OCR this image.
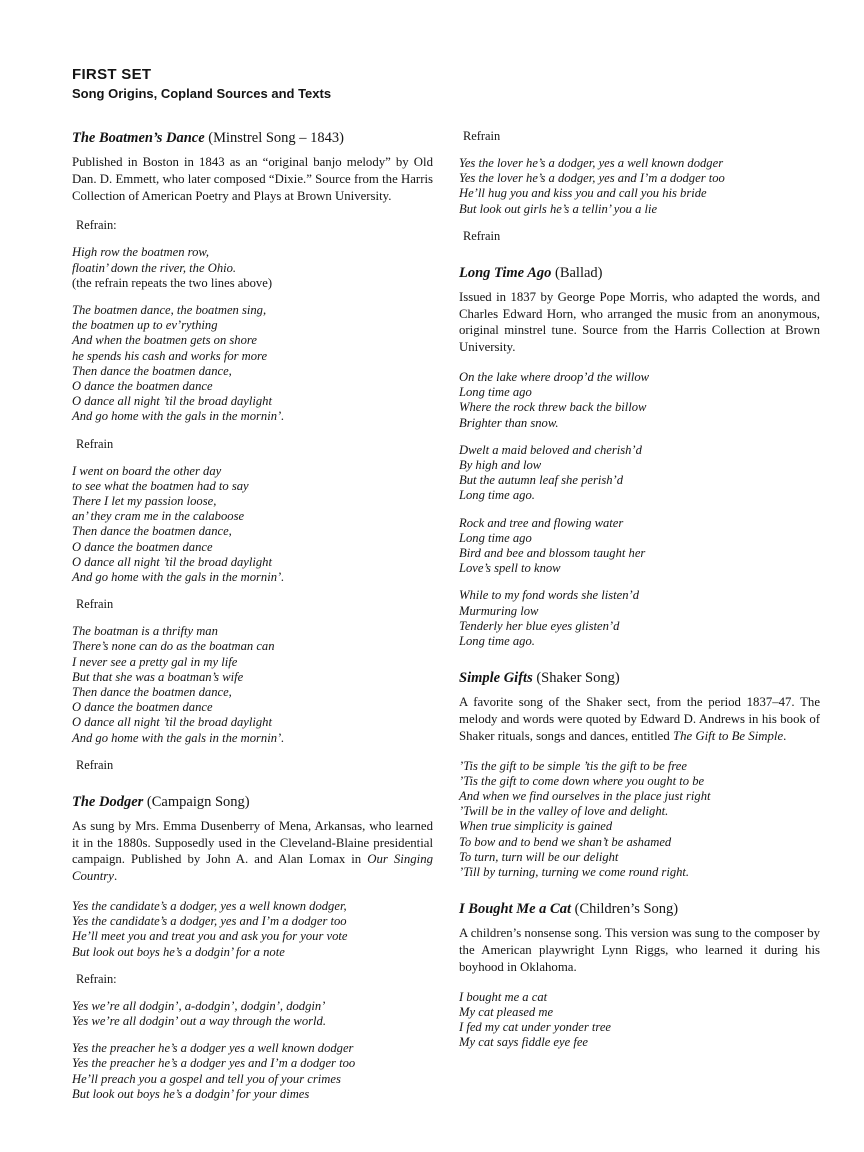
FIRST SET
Song Origins, Copland Sources and Texts
The Boatmen’s Dance (Minstrel Song – 1843)

Published in Boston in 1843 as an “original banjo melody” by Old Dan. D. Emmett, who later composed “Dixie.” Source from the Harris Collection of American Poetry and Plays at Brown University.

Refrain:
High row the boatmen row,
floatin’ down the river, the Ohio.
(the refrain repeats the two lines above)
The boatmen dance, the boatmen sing,
the boatmen up to ev’rything
And when the boatmen gets on shore
he spends his cash and works for more
Then dance the boatmen dance,
O dance the boatmen dance
O dance all night ’til the broad daylight
And go home with the gals in the mornin’.
Refrain
I went on board the other day
to see what the boatmen had to say
There I let my passion loose,
an’ they cram me in the calaboose
Then dance the boatmen dance,
O dance the boatmen dance
O dance all night ’til the broad daylight
And go home with the gals in the mornin’.
Refrain
The boatman is a thrifty man
There’s none can do as the boatman can
I never see a pretty gal in my life
But that she was a boatman’s wife
Then dance the boatmen dance,
O dance the boatmen dance
O dance all night ’til the broad daylight
And go home with the gals in the mornin’.
Refrain
The Dodger (Campaign Song)

As sung by Mrs. Emma Dusenberry of Mena, Arkansas, who learned it in the 1880s. Supposedly used in the Cleveland-Blaine presidential campaign. Published by John A. and Alan Lomax in Our Singing Country.

Yes the candidate’s a dodger, yes a well known dodger,
Yes the candidate’s a dodger, yes and I’m a dodger too
He’ll meet you and treat you and ask you for your vote
But look out boys he’s a dodgin’ for a note
Refrain:
Yes we’re all dodgin’, a-dodgin’, dodgin’, dodgin’
Yes we’re all dodgin’ out a way through the world.
Yes the preacher he’s a dodger yes a well known dodger
Yes the preacher he’s a dodger yes and I’m a dodger too
He’ll preach you a gospel and tell you of your crimes
But look out boys he’s a dodgin’ for your dimes
Refrain
Yes the lover he’s a dodger, yes a well known dodger
Yes the lover he’s a dodger, yes and I’m a dodger too
He’ll hug you and kiss you and call you his bride
But look out girls he’s a tellin’ you a lie
Refrain
Long Time Ago (Ballad)

Issued in 1837 by George Pope Morris, who adapted the words, and Charles Edward Horn, who arranged the music from an anonymous, original minstrel tune. Source from the Harris Collection at Brown University.

On the lake where droop’d the willow
Long time ago
Where the rock threw back the billow
Brighter than snow.
Dwelt a maid beloved and cherish’d
By high and low
But the autumn leaf she perish’d
Long time ago.
Rock and tree and flowing water
Long time ago
Bird and bee and blossom taught her
Love’s spell to know
While to my fond words she listen’d
Murmuring low
Tenderly her blue eyes glisten’d
Long time ago.
Simple Gifts (Shaker Song)

A favorite song of the Shaker sect, from the period 1837–47. The melody and words were quoted by Edward D. Andrews in his book of Shaker rituals, songs and dances, entitled The Gift to Be Simple.

’Tis the gift to be simple ’tis the gift to be free
’Tis the gift to come down where you ought to be
And when we find ourselves in the place just right
’Twill be in the valley of love and delight.
When true simplicity is gained
To bow and to bend we shan’t be ashamed
To turn, turn will be our delight
’Till by turning, turning we come round right.
I Bought Me a Cat (Children’s Song)

A children’s nonsense song. This version was sung to the composer by the American playwright Lynn Riggs, who learned it during his boyhood in Oklahoma.

I bought me a cat
My cat pleased me
I fed my cat under yonder tree
My cat says fiddle eye fee
